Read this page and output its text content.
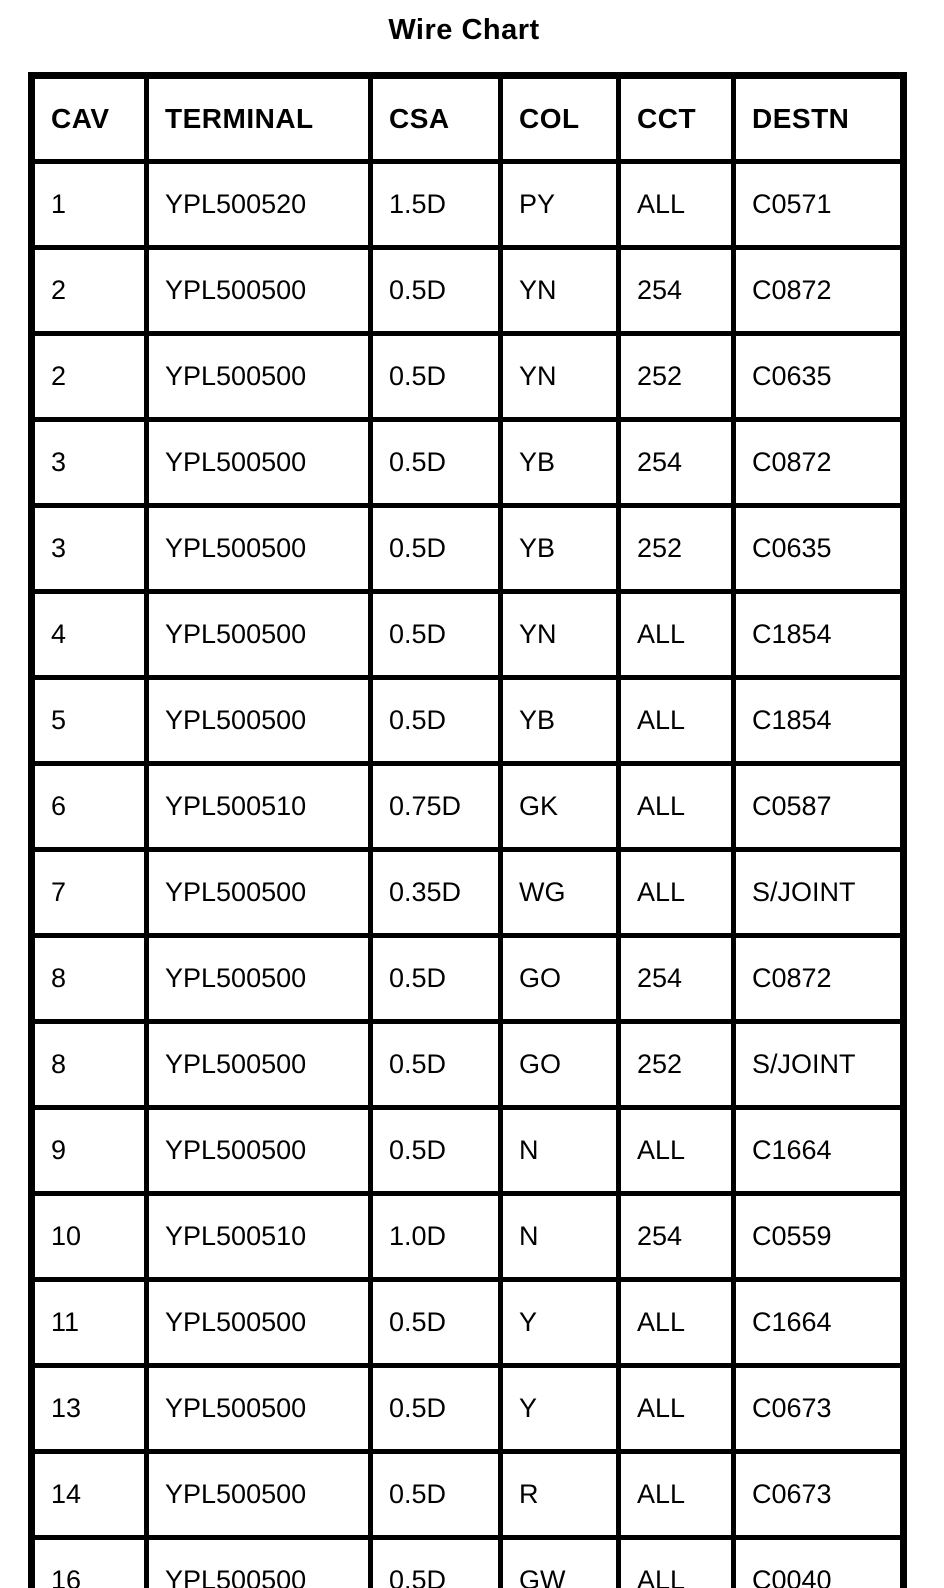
Wire Chart
CAV	TERMINAL	CSA	COL	CCT	DESTN
1	YPL500520	1.5D	PY	ALL	C0571
2	YPL500500	0.5D	YN	254	C0872
2	YPL500500	0.5D	YN	252	C0635
3	YPL500500	0.5D	YB	254	C0872
3	YPL500500	0.5D	YB	252	C0635
4	YPL500500	0.5D	YN	ALL	C1854
5	YPL500500	0.5D	YB	ALL	C1854
6	YPL500510	0.75D	GK	ALL	C0587
7	YPL500500	0.35D	WG	ALL	S/JOINT
8	YPL500500	0.5D	GO	254	C0872
8	YPL500500	0.5D	GO	252	S/JOINT
9	YPL500500	0.5D	N	ALL	C1664
10	YPL500510	1.0D	N	254	C0559
11	YPL500500	0.5D	Y	ALL	C1664
13	YPL500500	0.5D	Y	ALL	C0673
14	YPL500500	0.5D	R	ALL	C0673
16	YPL500500	0.5D	GW	ALL	C0040
